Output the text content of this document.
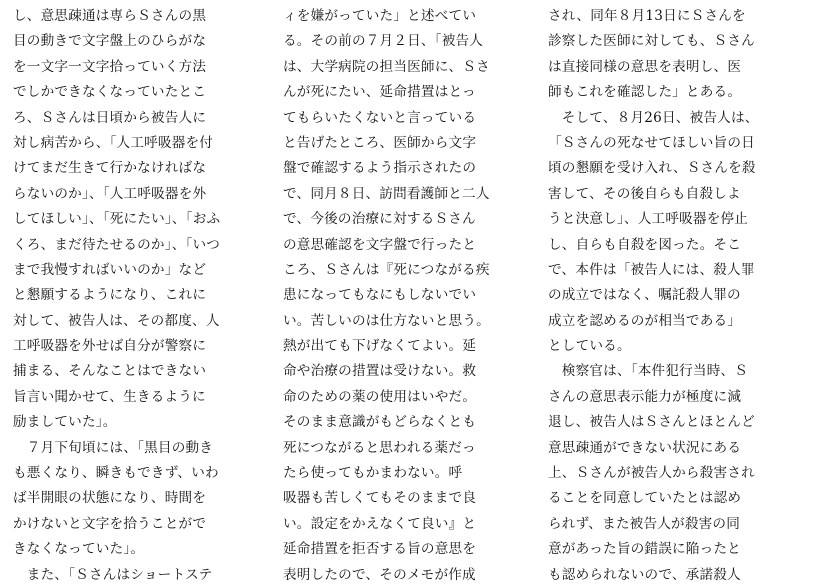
し、意思疎通は専らＳさんの黒
目の動きで文字盤上のひらがな
を一文字一文字拾っていく方法
でしかできなくなっていたとこ
ろ、Ｓさんは日頃から被告人に
対し病苦から、「人工呼吸器を付
けてまだ生きて行かなければな
らないのか」、「人工呼吸器を外
してほしい」、「死にたい」、「おふ
くろ、まだ待たせるのか」、「いつ
まで我慢すればいいのか」など
と懇願するようになり、これに
対して、被告人は、その都度、人
工呼吸器を外せば自分が警察に
捕まる、そんなことはできない
旨言い聞かせて、生きるように
励ましていた」。
　７月下旬頃には、「黒目の動き
も悪くなり、瞬きもできず、いわ
ば半開眼の状態になり、時間を
かけないと文字を拾うことがで
きなくなっていた」。
　また、「Ｓさんはショートステ
ィを嫌がっていた」と述べてい
る。その前の７月２日、「被告人
は、大学病院の担当医師に、Ｓさ
んが死にたい、延命措置はとっ
てもらいたくないと言っている
と告げたところ、医師から文字
盤で確認するよう指示されたの
で、同月８日、訪問看護師と二人
で、今後の治療に対するＳさん
の意思確認を文字盤で行ったと
ころ、Ｓさんは『死につながる疾
患になってもなにもしないでい
い。苦しいのは仕方ないと思う。
熱が出ても下げなくてよい。延
命や治療の措置は受けない。救
命のための薬の使用はいやだ。
そのまま意識がもどらなくとも
死につながると思われる薬だっ
たら使ってもかまわない。呼
吸器も苦しくてもそのままで良
い。設定をかえなくて良い』と
延命措置を拒否する旨の意思を
表明したので、そのメモが作成
され、同年８月13日にＳさんを
診察した医師に対しても、Ｓさん
は直接同様の意思を表明し、医
師もこれを確認した」とある。
　そして、８月26日、被告人は、
「Ｓさんの死なせてほしい旨の日
頃の懇願を受け入れ、Ｓさんを殺
害して、その後自らも自殺しよ
うと決意し」、人工呼吸器を停止
し、自らも自殺を図った。そこ
で、本件は「被告人には、殺人罪
の成立ではなく、嘱託殺人罪の
成立を認めるのが相当である」
としている。
　検察官は、「本件犯行当時、Ｓ
さんの意思表示能力が極度に減
退し、被告人はＳさんとほとんど
意思疎通ができない状況にある
上、Ｓさんが被告人から殺害され
ることを同意していたとは認め
られず、また被告人が殺害の同
意があった旨の錯誤に陥ったと
も認められないので、承諾殺人
